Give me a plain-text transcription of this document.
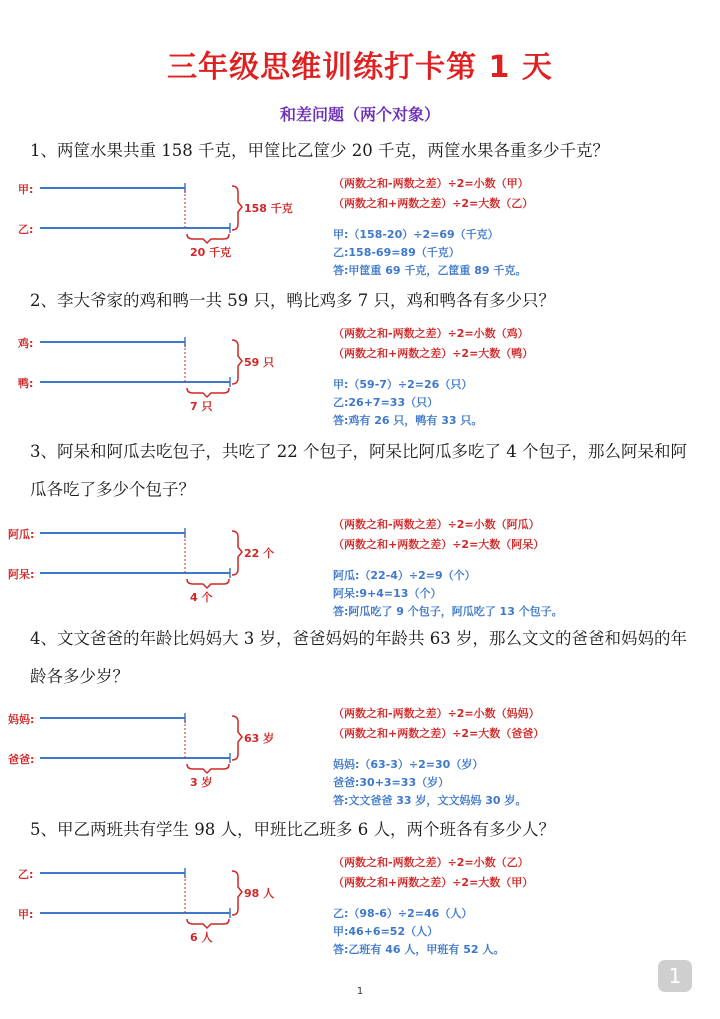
三年级思维训练打卡第 1 天
和差问题（两个对象）
1、两筐水果共重 158 千克，甲筐比乙筐少 20 千克，两筐水果各重多少千克？
甲:
乙:
158 千克
20 千克
（两数之和-两数之差）÷2=小数（甲）
（两数之和+两数之差）÷2=大数（乙）
甲:（158-20）÷2=69（千克）
乙:158-69=89（千克）
答:甲筐重 69 千克，乙筐重 89 千克。
2、李大爷家的鸡和鸭一共 59 只，鸭比鸡多 7 只，鸡和鸭各有多少只？
鸡:
鸭:
59 只
7 只
（两数之和-两数之差）÷2=小数（鸡）
（两数之和+两数之差）÷2=大数（鸭）
甲:（59-7）÷2=26（只）
乙:26+7=33（只）
答:鸡有 26 只，鸭有 33 只。
3、阿呆和阿瓜去吃包子，共吃了 22 个包子，阿呆比阿瓜多吃了 4 个包子，那么阿呆和阿瓜各吃了多少个包子？
阿瓜:
阿呆:
22 个
4 个
（两数之和-两数之差）÷2=小数（阿瓜）
（两数之和+两数之差）÷2=大数（阿呆）
阿瓜:（22-4）÷2=9（个）
阿呆:9+4=13（个）
答:阿瓜吃了 9 个包子，阿瓜吃了 13 个包子。
4、文文爸爸的年龄比妈妈大 3 岁，爸爸妈妈的年龄共 63 岁，那么文文的爸爸和妈妈的年龄各多少岁？
妈妈:
爸爸:
63 岁
3 岁
（两数之和-两数之差）÷2=小数（妈妈）
（两数之和+两数之差）÷2=大数（爸爸）
妈妈:（63-3）÷2=30（岁）
爸爸:30+3=33（岁）
答:文文爸爸 33 岁，文文妈妈 30 岁。
5、甲乙两班共有学生 98 人，甲班比乙班多 6 人，两个班各有多少人？
乙:
甲:
98 人
6 人
（两数之和-两数之差）÷2=小数（乙）
（两数之和+两数之差）÷2=大数（甲）
乙:（98-6）÷2=46（人）
甲:46+6=52（人）
答:乙班有 46 人，甲班有 52 人。
1
1
